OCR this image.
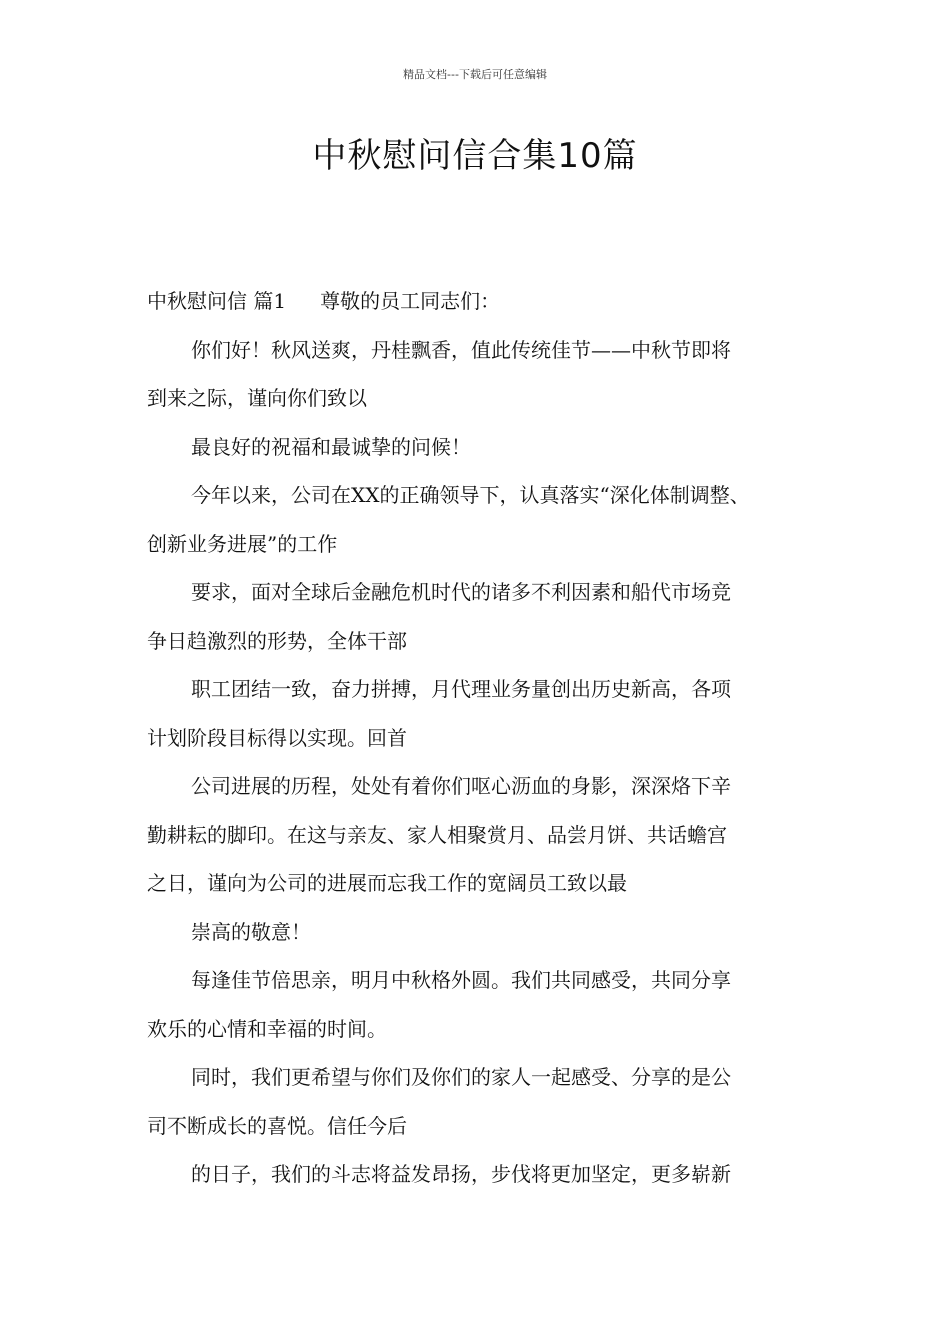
精品文档---下载后可任意编辑
中秋慰问信合集10篇

中秋慰问信 篇1 尊敬的员工同志们：

你们好！秋风送爽，丹桂飘香，值此传统佳节——中秋节即将

到来之际，谨向你们致以

最良好的祝福和最诚挚的问候！

今年以来，公司在XX的正确领导下，认真落实“深化体制调整、

创新业务进展”的工作

要求，面对全球后金融危机时代的诸多不利因素和船代市场竞

争日趋激烈的形势，全体干部

职工团结一致，奋力拼搏，月代理业务量创出历史新高，各项

计划阶段目标得以实现。回首

公司进展的历程，处处有着你们呕心沥血的身影，深深烙下辛

勤耕耘的脚印。在这与亲友、家人相聚赏月、品尝月饼、共话蟾宫

之日，谨向为公司的进展而忘我工作的宽阔员工致以最

崇高的敬意！

每逢佳节倍思亲，明月中秋格外圆。我们共同感受，共同分享

欢乐的心情和幸福的时间。

同时，我们更希望与你们及你们的家人一起感受、分享的是公

司不断成长的喜悦。信任今后

的日子，我们的斗志将益发昂扬，步伐将更加坚定，更多崭新
